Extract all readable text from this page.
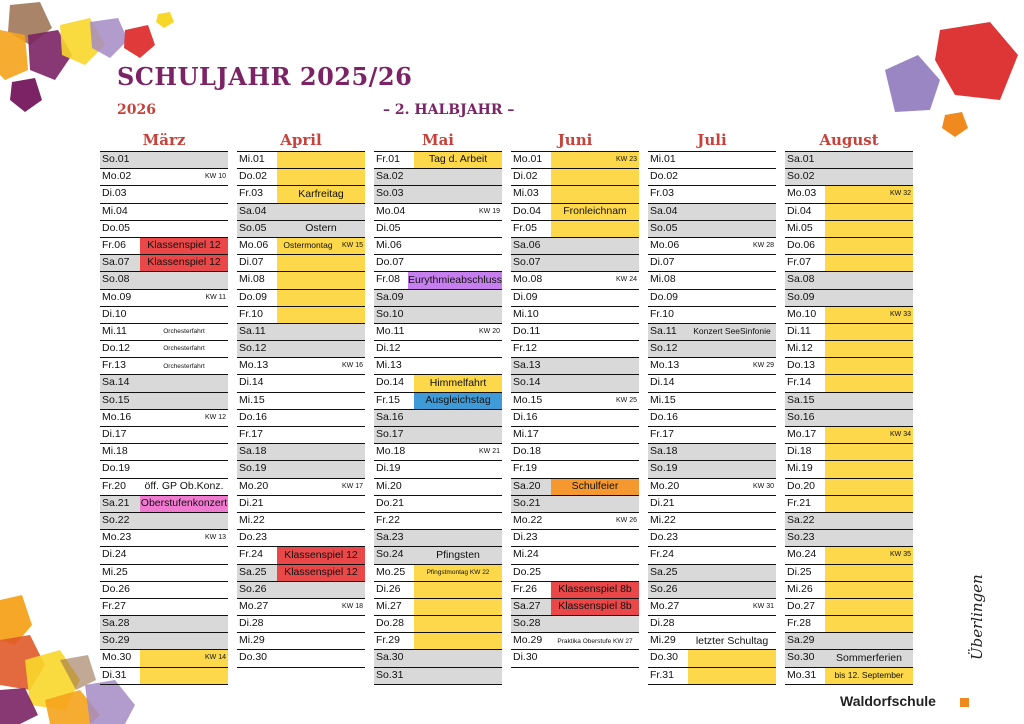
SCHULJAHR 2025/26
2026	– 2. HALBJAHR –
März
So.01
Mo.02	KW 10
Di.03
Mi.04
Do.05
Fr.06	Klassenspiel 12
Sa.07	Klassenspiel 12
So.08
Mo.09	KW 11
Di.10
Mi.11	Orchesterfahrt
Do.12	Orchesterfahrt
Fr.13	Orchesterfahrt
Sa.14
So.15
Mo.16	KW 12
Di.17
Mi.18
Do.19
Fr.20	öff. GP Ob.Konz.
Sa.21	Oberstufenkonzert
So.22
Mo.23	KW 13
Di.24
Mi.25
Do.26
Fr.27
Sa.28
So.29
Mo.30	KW 14
Di.31
April
Mi.01
Do.02
Fr.03	Karfreitag
Sa.04
So.05	Ostern
Mo.06	Ostermontag KW 15
Di.07
Mi.08
Do.09
Fr.10
Sa.11
So.12
Mo.13	KW 16
Di.14
Mi.15
Do.16
Fr.17
Sa.18
So.19
Mo.20	KW 17
Di.21
Mi.22
Do.23
Fr.24	Klassenspiel 12
Sa.25	Klassenspiel 12
So.26
Mo.27	KW 18
Di.28
Mi.29
Do.30
Mai
Fr.01	Tag d. Arbeit
Sa.02
So.03
Mo.04	KW 19
Di.05
Mi.06
Do.07
Fr.08 Eurythmieabschluss
Sa.09
So.10
Mo.11	KW 20
Di.12
Mi.13
Do.14	Himmelfahrt
Fr.15	Ausgleichstag
Sa.16
So.17
Mo.18	KW 21
Di.19
Mi.20
Do.21
Fr.22
Sa.23
So.24	Pfingsten
Mo.25	Pfingstmontag KW 22
Di.26
Mi.27
Do.28
Fr.29
Sa.30
So.31
Juni
Mo.01	KW 23
Di.02
Mi.03
Do.04	Fronleichnam
Fr.05
Sa.06
So.07
Mo.08	KW 24
Di.09
Mi.10
Do.11
Fr.12
Sa.13
So.14
Mo.15	KW 25
Di.16
Mi.17
Do.18
Fr.19
Sa.20	Schulfeier
So.21
Mo.22	KW 26
Di.23
Mi.24
Do.25
Fr.26	Klassenspiel 8b
Sa.27	Klassenspiel 8b
So.28
Mo.29	Praktika Oberstufe KW 27
Di.30
Juli
Mi.01
Do.02
Fr.03
Sa.04
So.05
Mo.06	KW 28
Di.07
Mi.08
Do.09
Fr.10
Sa.11	Konzert SeeSinfonie
So.12
Mo.13	KW 29
Di.14
Mi.15
Do.16
Fr.17
Sa.18
So.19
Mo.20	KW 30
Di.21
Mi.22
Do.23
Fr.24
Sa.25
So.26
Mo.27	KW 31
Di.28
Mi.29	letzter Schultag
Do.30
Fr.31
August
Sa.01
So.02
Mo.03	KW 32
Di.04
Mi.05
Do.06
Fr.07
Sa.08
So.09
Mo.10	KW 33
Di.11
Mi.12
Do.13
Fr.14
Sa.15
So.16
Mo.17	KW 34
Di.18
Mi.19
Do.20
Fr.21
Sa.22
So.23
Mo.24	KW 35
Di.25
Mi.26
Do.27
Fr.28
Sa.29
So.30	Sommerferien
Mo.31	bis 12. September
Waldorfschule
Überlingen
